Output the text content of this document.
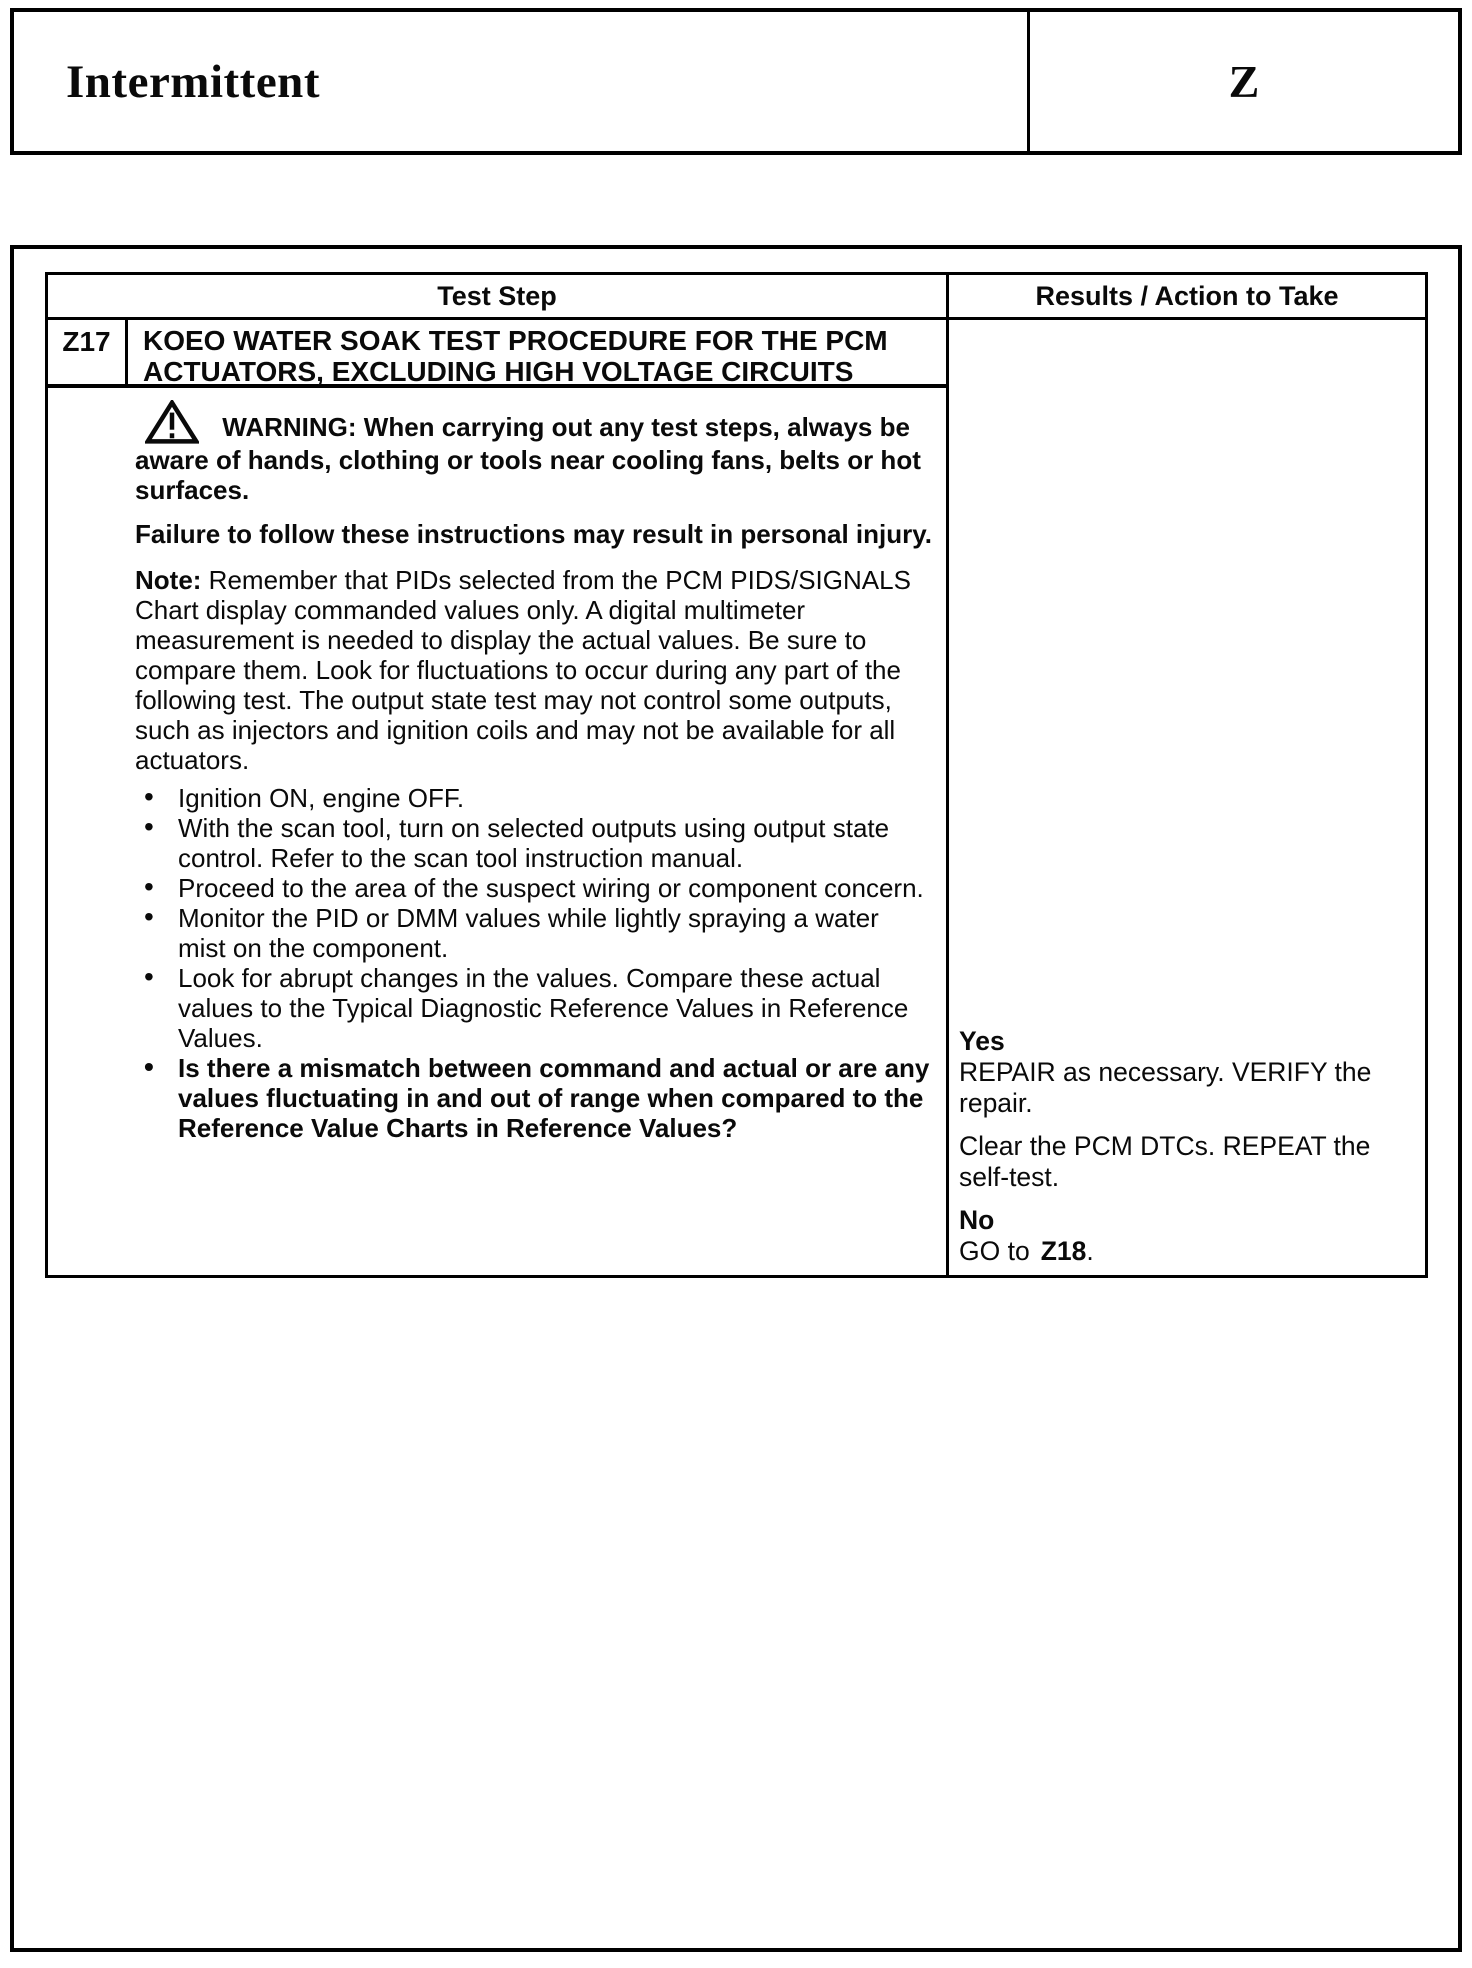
Intermittent	Z
Test Step	Results / Action to Take
Z17	KOEO WATER SOAK TEST PROCEDURE FOR THE PCM ACTUATORS, EXCLUDING HIGH VOLTAGE CIRCUITS

WARNING: When carrying out any test steps, always be aware of hands, clothing or tools near cooling fans, belts or hot surfaces.

Failure to follow these instructions may result in personal injury.

Note: Remember that PIDs selected from the PCM PIDS/SIGNALS Chart display commanded values only. A digital multimeter measurement is needed to display the actual values. Be sure to compare them. Look for fluctuations to occur during any part of the following test. The output state test may not control some outputs, such as injectors and ignition coils and may not be available for all actuators.

• Ignition ON, engine OFF.
• With the scan tool, turn on selected outputs using output state control. Refer to the scan tool instruction manual.
• Proceed to the area of the suspect wiring or component concern.
• Monitor the PID or DMM values while lightly spraying a water mist on the component.
• Look for abrupt changes in the values. Compare these actual values to the Typical Diagnostic Reference Values in Reference Values.
• Is there a mismatch between command and actual or are any values fluctuating in and out of range when compared to the Reference Value Charts in Reference Values?
Yes

REPAIR as necessary. VERIFY the repair.

Clear the PCM DTCs. REPEAT the self-test.

No

GO to Z18.
